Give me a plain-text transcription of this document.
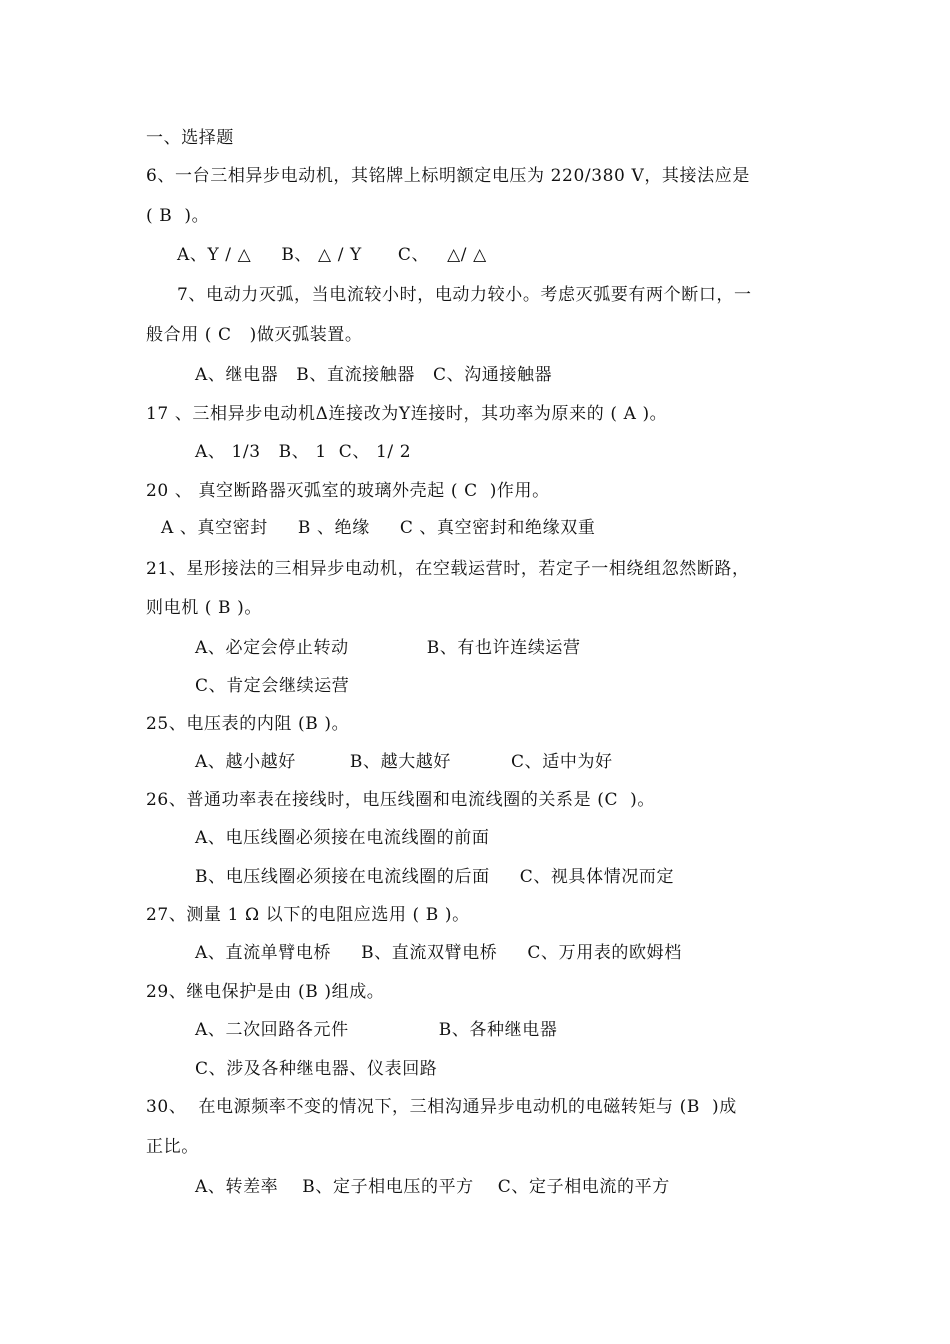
一、选择题
6、一台三相异步电动机，其铭牌上标明额定电压为 220/380 V，其接法应是
( B  )。
A、Y / △     B、 △ / Y      C、   △/ △
7、电动力灭弧，当电流较小时，电动力较小。考虑灭弧要有两个断口，一
般合用 ( C   )做灭弧装置。
A、继电器   B、直流接触器   C、沟通接触器
17 、三相异步电动机Δ连接改为Y连接时，其功率为原来的 ( A )。
A、 1/3   B、 1  C、 1/ 2
20 、 真空断路器灭弧室的玻璃外壳起 ( C  )作用。
A 、真空密封     B 、绝缘     C 、真空密封和绝缘双重
21、星形接法的三相异步电动机，在空载运营时，若定子一相绕组忽然断路，
则电机 ( B )。
A、必定会停止转动             B、有也许连续运营
C、肯定会继续运营
25、电压表的内阻 (B )。
A、越小越好         B、越大越好          C、适中为好
26、普通功率表在接线时，电压线圈和电流线圈的关系是 (C  )。
A、电压线圈必须接在电流线圈的前面
B、电压线圈必须接在电流线圈的后面     C、视具体情况而定
27、测量 1 Ω 以下的电阻应选用 ( B )。
A、直流单臂电桥     B、直流双臂电桥     C、万用表的欧姆档
29、继电保护是由 (B )组成。
A、二次回路各元件               B、各种继电器
C、涉及各种继电器、仪表回路
30、  在电源频率不变的情况下，三相沟通异步电动机的电磁转矩与 (B  )成
正比。
A、转差率    B、定子相电压的平方    C、定子相电流的平方
